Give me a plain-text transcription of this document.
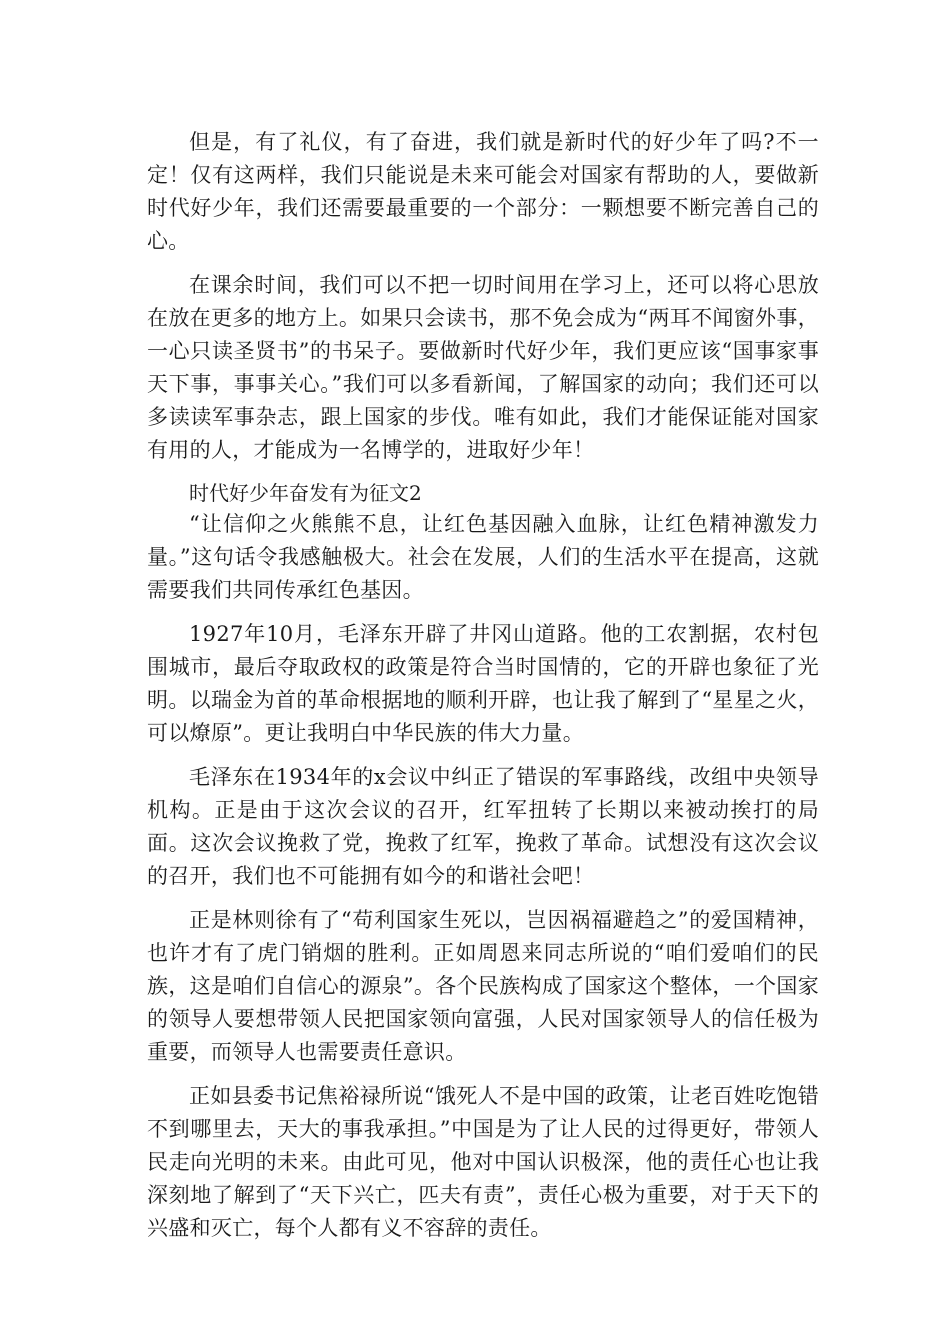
但是，有了礼仪，有了奋进，我们就是新时代的好少年了吗?不一定！仅有这两样，我们只能说是未来可能会对国家有帮助的人，要做新时代好少年，我们还需要最重要的一个部分：一颗想要不断完善自己的心。

在课余时间，我们可以不把一切时间用在学习上，还可以将心思放在放在更多的地方上。如果只会读书，那不免会成为“两耳不闻窗外事，一心只读圣贤书”的书呆子。要做新时代好少年，我们更应该“国事家事天下事，事事关心。”我们可以多看新闻，了解国家的动向；我们还可以多读读军事杂志，跟上国家的步伐。唯有如此，我们才能保证能对国家有用的人，才能成为一名博学的，进取好少年！

时代好少年奋发有为征文2

“让信仰之火熊熊不息，让红色基因融入血脉，让红色精神激发力量。”这句话令我感触极大。社会在发展，人们的生活水平在提高，这就需要我们共同传承红色基因。

1927年10月，毛泽东开辟了井冈山道路。他的工农割据，农村包围城市，最后夺取政权的政策是符合当时国情的，它的开辟也象征了光明。以瑞金为首的革命根据地的顺利开辟，也让我了解到了“星星之火，可以燎原”。更让我明白中华民族的伟大力量。

毛泽东在1934年的x会议中纠正了错误的军事路线，改组中央领导机构。正是由于这次会议的召开，红军扭转了长期以来被动挨打的局面。这次会议挽救了党，挽救了红军，挽救了革命。试想没有这次会议的召开，我们也不可能拥有如今的和谐社会吧！

正是林则徐有了“苟利国家生死以，岂因祸福避趋之”的爱国精神，也许才有了虎门销烟的胜利。正如周恩来同志所说的“咱们爱咱们的民族，这是咱们自信心的源泉”。各个民族构成了国家这个整体，一个国家的领导人要想带领人民把国家领向富强，人民对国家领导人的信任极为重要，而领导人也需要责任意识。

正如县委书记焦裕禄所说“饿死人不是中国的政策，让老百姓吃饱错不到哪里去，天大的事我承担。”中国是为了让人民的过得更好，带领人民走向光明的未来。由此可见，他对中国认识极深，他的责任心也让我深刻地了解到了“天下兴亡，匹夫有责”，责任心极为重要，对于天下的兴盛和灭亡，每个人都有义不容辞的责任。
